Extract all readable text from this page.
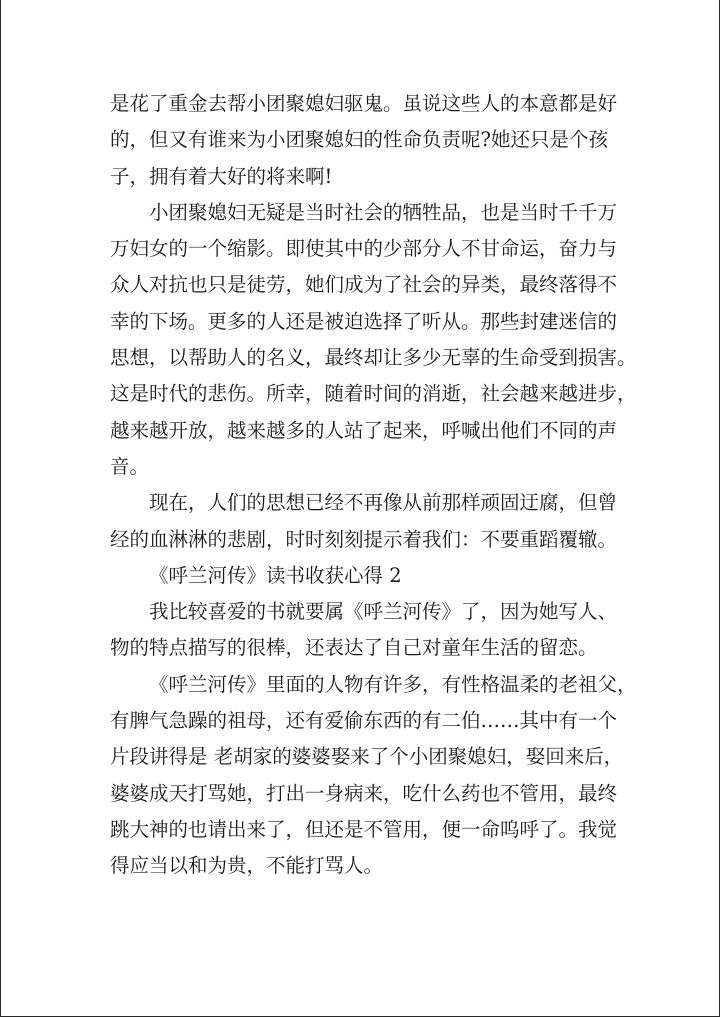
是花了重金去帮小团聚媳妇驱鬼。虽说这些人的本意都是好
的，但又有谁来为小团聚媳妇的性命负责呢?她还只是个孩
子，拥有着大好的将来啊!
小团聚媳妇无疑是当时社会的牺牲品，也是当时千千万
万妇女的一个缩影。即使其中的少部分人不甘命运，奋力与
众人对抗也只是徒劳，她们成为了社会的异类，最终落得不
幸的下场。更多的人还是被迫选择了听从。那些封建迷信的
思想，以帮助人的名义，最终却让多少无辜的生命受到损害。
这是时代的悲伤。所幸，随着时间的消逝，社会越来越进步，
越来越开放，越来越多的人站了起来，呼喊出他们不同的声
音。
现在，人们的思想已经不再像从前那样顽固迂腐，但曾
经的血淋淋的悲剧，时时刻刻提示着我们：不要重蹈覆辙。
《呼兰河传》读书收获心得 2
我比较喜爱的书就要属《呼兰河传》了，因为她写人、
物的特点描写的很棒，还表达了自己对童年生活的留恋。
《呼兰河传》里面的人物有许多，有性格温柔的老祖父，
有脾气急躁的祖母，还有爱偷东西的有二伯……其中有一个
片段讲得是 老胡家的婆婆娶来了个小团聚媳妇，娶回来后，
婆婆成天打骂她，打出一身病来，吃什么药也不管用，最终
跳大神的也请出来了，但还是不管用，便一命呜呼了。我觉
得应当以和为贵，不能打骂人。
